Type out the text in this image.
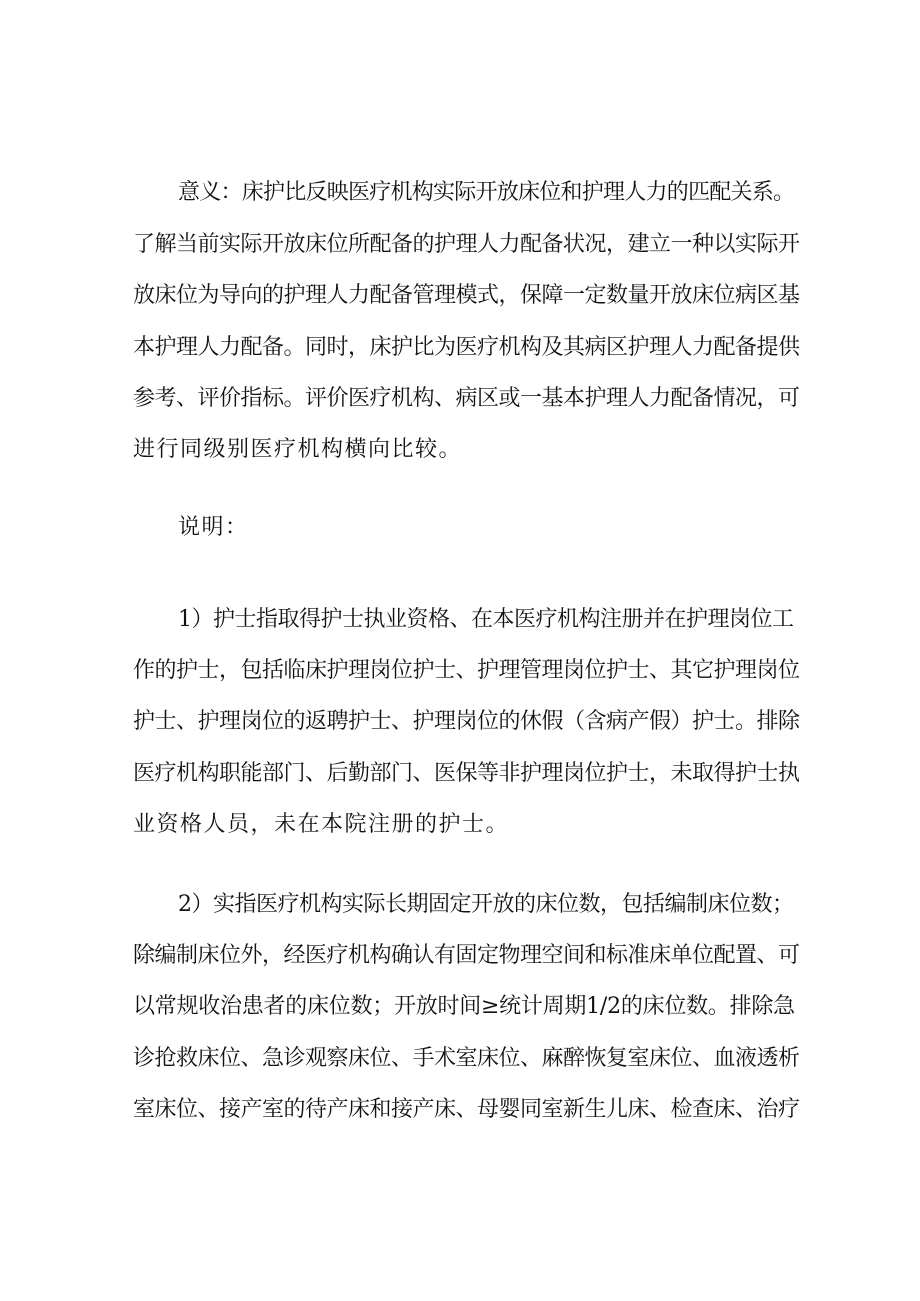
意义：床护比反映医疗机构实际开放床位和护理人力的匹配关系。
了解当前实际开放床位所配备的护理人力配备状况，建立一种以实际开
放床位为导向的护理人力配备管理模式，保障一定数量开放床位病区基
本护理人力配备。同时，床护比为医疗机构及其病区护理人力配备提供
参考、评价指标。评价医疗机构、病区或一基本护理人力配备情况，可
进行同级别医疗机构横向比较。
说明：
1）护士指取得护士执业资格、在本医疗机构注册并在护理岗位工
作的护士，包括临床护理岗位护士、护理管理岗位护士、其它护理岗位
护士、护理岗位的返聘护士、护理岗位的休假（含病产假）护士。排除
医疗机构职能部门、后勤部门、医保等非护理岗位护士，未取得护士执
业资格人员，未在本院注册的护士。
2）实指医疗机构实际长期固定开放的床位数，包括编制床位数；
除编制床位外，经医疗机构确认有固定物理空间和标准床单位配置、可
以常规收治患者的床位数；开放时间≥统计周期1/2的床位数。排除急
诊抢救床位、急诊观察床位、手术室床位、麻醉恢复室床位、血液透析
室床位、接产室的待产床和接产床、母婴同室新生儿床、检查床、治疗
